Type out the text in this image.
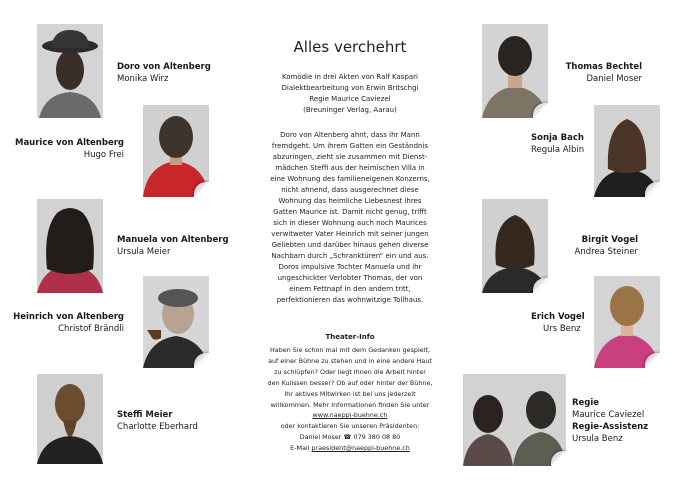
Alles verchehrt
Komödie in drei Akten von Ralf Kaspari
Dialektbearbeitung von Erwin Britschgi
Regie Maurice Caviezel
(Breuninger Verlag, Aarau)
Doro von Altenberg ahnt, dass ihr Mann
fremdgeht. Um ihrem Gatten ein Geständnis
abzuringen, zieht sie zusammen mit Dienst-
mädchen Steffi aus der heimischen Villa in
eine Wohnung des familieneigenen Konzerns,
nicht ahnend, dass ausgerechnet diese
Wohnung das heimliche Liebesnest ihres
Gatten Maurice ist. Damit nicht genug, trifft
sich in dieser Wohnung auch noch Maurices
verwitweter Vater Heinrich mit seiner jungen
Geliebten und darüber hinaus gehen diverse
Nachbarn durch „Schranktüren“ ein und aus.
Doros impulsive Tochter Manuela und ihr
ungeschickter Verlobter Thomas, der von
einem Fettnapf in den andern tritt,
perfektionieren das wohnwitzige Tollhaus.
Theater-Info
Haben Sie schon mal mit dem Gedanken gespielt,
auf einer Bühne zu stehen und in eine andere Haut
zu schlüpfen? Oder liegt Ihnen die Arbeit hinter
den Kulissen besser? Ob auf oder hinter der Bühne,
Ihr aktives Mitwirken ist bei uns jederzeit
willkommen. Mehr Informationen finden Sie unter
www.naeppi-buehne.ch
oder kontaktieren Sie unseren Präsidenten:
Daniel Moser ☎ 079 380 08 80
E-Mail praesident@naeppi-buehne.ch
Doro von Altenberg
Monika Wirz
Maurice von Altenberg
Hugo Frei
Manuela von Altenberg
Ursula Meier
Heinrich von Altenberg
Christof Brändli
Steffi Meier
Charlotte Eberhard
Thomas Bechtel
Daniel Moser
Sonja Bach
Regula Albin
Birgit Vogel
Andrea Steiner
Erich Vogel
Urs Benz
Regie
Maurice Caviezel
Regie-Assistenz
Ursula Benz
